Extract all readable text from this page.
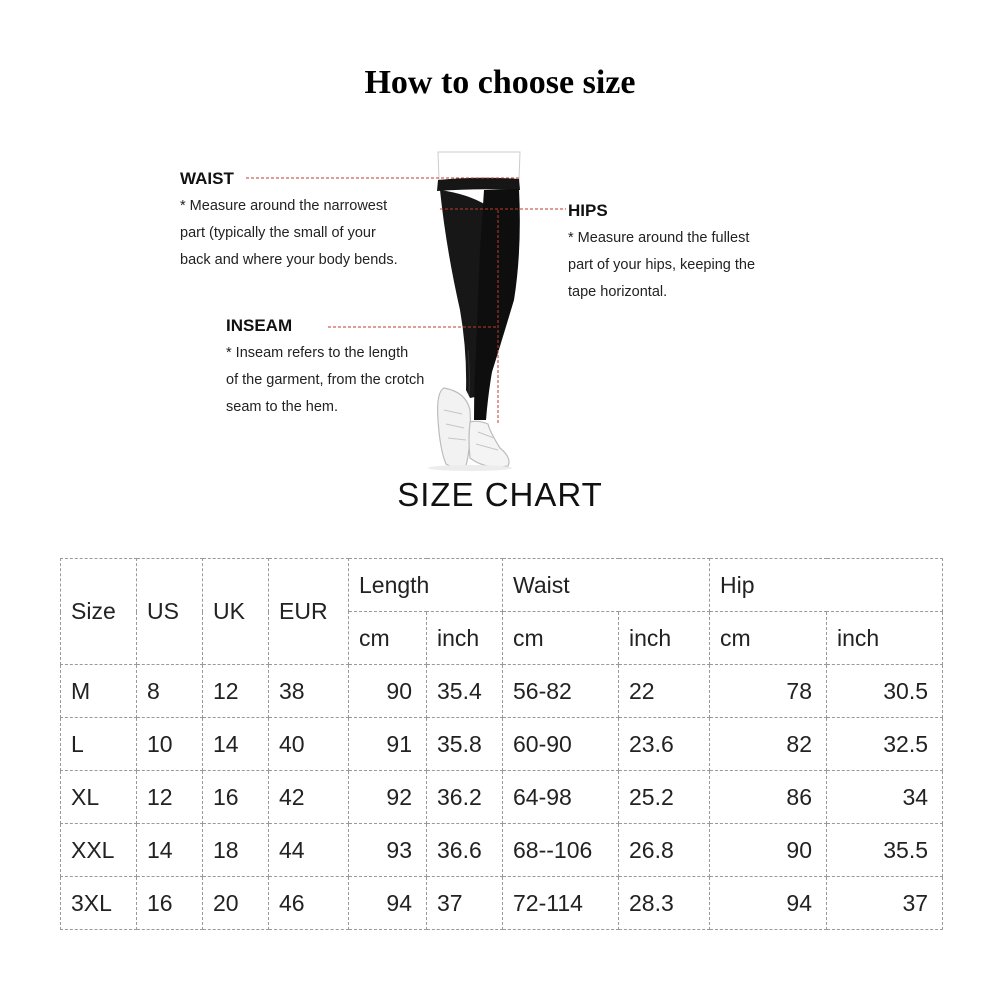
How to choose size
WAIST
* Measure around the narrowest
part (typically the small of your
back and where your body bends.
HIPS
* Measure around the fullest
part of your hips, keeping the
tape horizontal.
INSEAM
* Inseam refers to the length
of the garment, from the crotch
seam to the hem.
SIZE CHART
Size	US	UK	EUR	Length		Waist		Hip	
				cm	inch	cm	inch	cm	inch
M	8	12	38	90	35.4	56-82	22	78	30.5
L	10	14	40	91	35.8	60-90	23.6	82	32.5
XL	12	16	42	92	36.2	64-98	25.2	86	34
XXL	14	18	44	93	36.6	68--106	26.8	90	35.5
3XL	16	20	46	94	37	72-114	28.3	94	37
